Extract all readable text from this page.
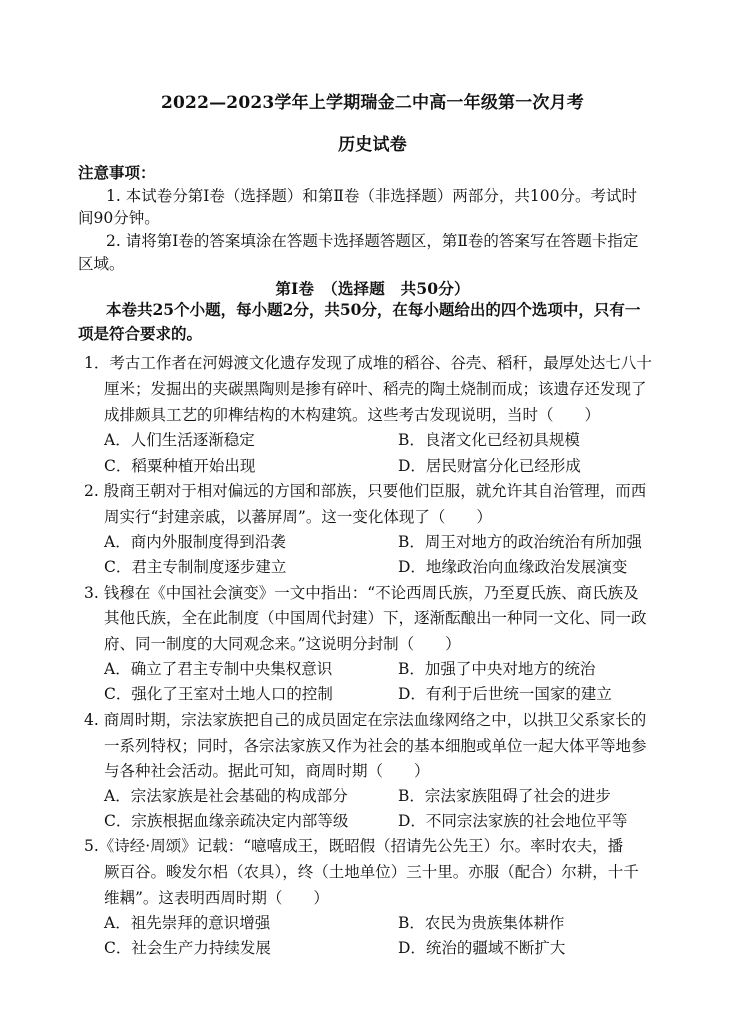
2022—2023学年上学期瑞金二中高一年级第一次月考
历史试卷
注意事项：
1. 本试卷分第Ⅰ卷（选择题）和第Ⅱ卷（非选择题）两部分，共100分。考试时
间90分钟。
2. 请将第Ⅰ卷的答案填涂在答题卡选择题答题区，第Ⅱ卷的答案写在答题卡指定
区域。
第Ⅰ卷　（选择题　共50分）
本卷共25个小题，每小题2分，共50分，在每小题给出的四个选项中，只有一
项是符合要求的。
1．考古工作者在河姆渡文化遗存发现了成堆的稻谷、谷壳、稻秆，最厚处达七八十
厘米；发掘出的夹碳黑陶则是掺有碎叶、稻壳的陶土烧制而成；该遗存还发现了
成排颇具工艺的卯榫结构的木构建筑。这些考古发现说明，当时（　　）
A．人们生活逐渐稳定	B．良渚文化已经初具规模
C．稻粟种植开始出现	D．居民财富分化已经形成
2. 殷商王朝对于相对偏远的方国和部族，只要他们臣服，就允许其自治管理，而西
周实行“封建亲戚，以蕃屏周”。这一变化体现了（　　）
A．商内外服制度得到沿袭	B．周王对地方的政治统治有所加强
C．君主专制制度逐步建立	D．地缘政治向血缘政治发展演变
3. 钱穆在《中国社会演变》一文中指出：“不论西周氏族，乃至夏氏族、商氏族及
其他氏族，全在此制度（中国周代封建）下，逐渐酝酿出一种同一文化、同一政
府、同一制度的大同观念来。”这说明分封制（　　）
A．确立了君主专制中央集权意识	B．加强了中央对地方的统治
C．强化了王室对土地人口的控制	D．有利于后世统一国家的建立
4. 商周时期，宗法家族把自己的成员固定在宗法血缘网络之中，以拱卫父系家长的
一系列特权；同时，各宗法家族又作为社会的基本细胞或单位一起大体平等地参
与各种社会活动。据此可知，商周时期（　　）
A．宗法家族是社会基础的构成部分	B．宗法家族阻碍了社会的进步
C．宗族根据血缘亲疏决定内部等级	D．不同宗法家族的社会地位平等
5.《诗经·周颂》记载：“噫嘻成王，既昭假（招请先公先王）尔。率时农夫，播
厥百谷。畯发尔梠（农具），终（土地单位）三十里。亦服（配合）尔耕，十千
维耦”。这表明西周时期（　　）
A．祖先崇拜的意识增强	B．农民为贵族集体耕作
C．社会生产力持续发展	D．统治的疆域不断扩大
